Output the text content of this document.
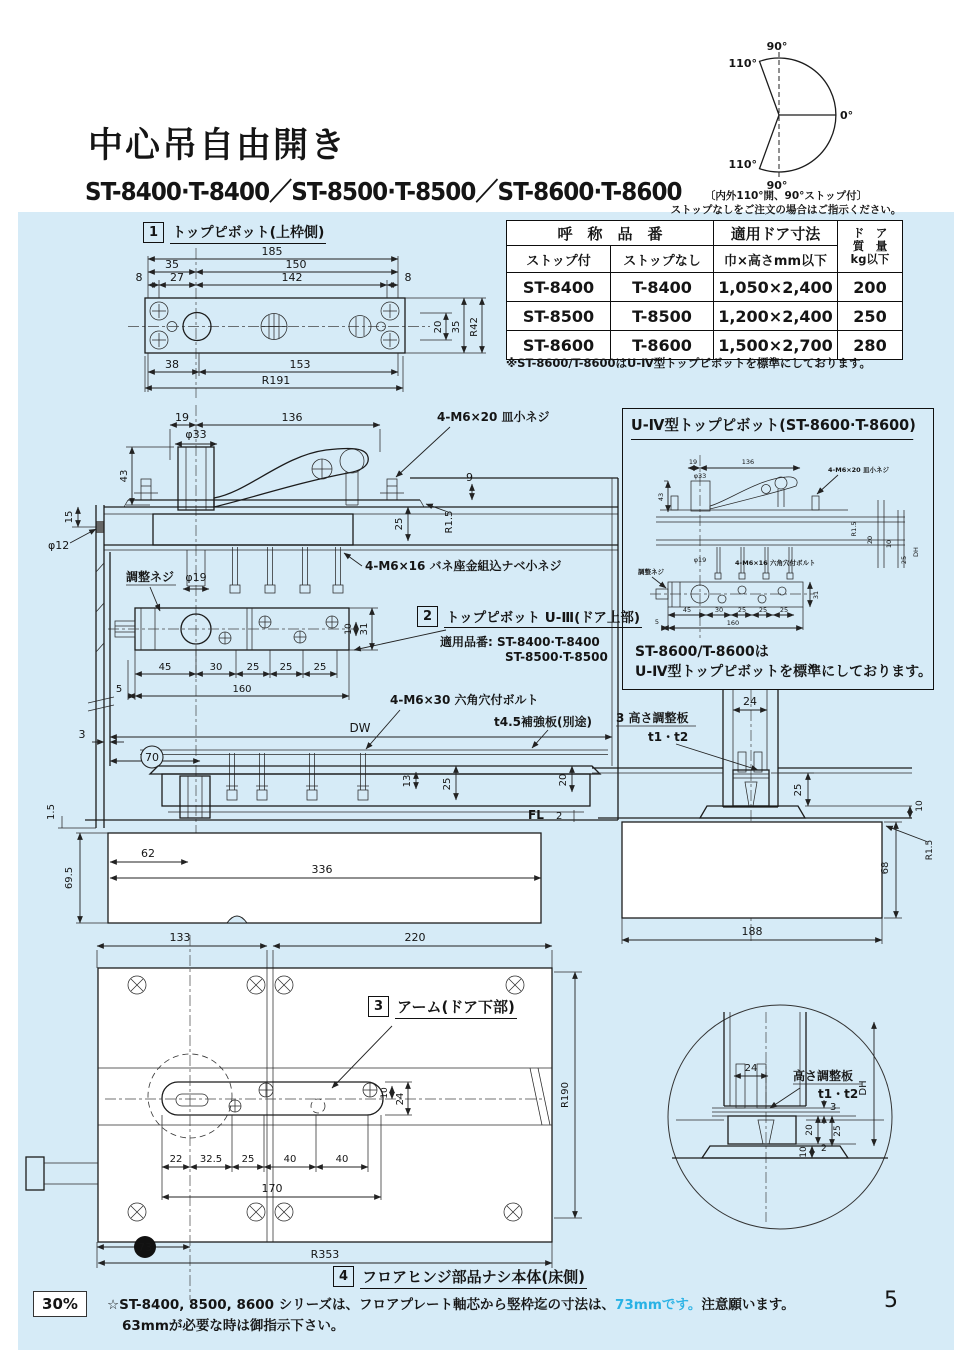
中心吊自由開き
ST-8400·T-8400／ST-8500·T-8500／ST-8600·T-8600
90°
110°
0°
110°
90°
〔内外110°開、90°ストップ付〕
ストップなしをご注文の場合はご指示ください。
呼　称　品　番		適用ドア寸法	ド　ア
質　量
kg以下

ストップ付	ストップなし	巾×高さmm以下	
ST-8400	T-8400	1,050×2,400	200
ST-8500	T-8500	1,200×2,400	250
ST-8600	T-8600	1,500×2,700	280
※ST-8600/T-8600はU-Ⅳ型トップピボットを標準にしております。
1 トップピボット(上枠側)
185
35	150
8	27	142	8
20 35 R42
38	153
R191
19	136
φ33
43
4-M6×20 皿小ネジ
9
25	R1.5
4-M6×16 バネ座金組込ナベ小ネジ
φ19
15
φ12
調整ネジ
10 31
45	30 25 25 25
160
5
3	DW	t4.5補強板(別途)
4-M6×30 六角穴付ボルト
70
13	25	20
FL 2
1.5
62
336
69.5
2	トップピボット U-Ⅲ(ドア上部)
適用品番: ST-8400·T-8400
ST-8500·T-8500
U-Ⅳ型トップピボット(ST-8600·T-8600)
ST-8600/T-8600は
U-Ⅳ型トップピボットを標準にしております。
19	136
φ33
43
4-M6×20 皿小ネジ
R1.5
20 10
DH
25
φ19	4-M6×16 六角穴付ボルト
調整ネジ
31
45	30 25 25 25
160
5
24
3 高さ調整板
t1・t2
25
10
R1.5
68
188
133	220
10 24
22 32.5 25	40	40
170
R190
73
R353
3 アーム(ドア下部)
24
高さ調整板
t1・t2
3
20
2
25
10
DH
4 フロアヒンジ部品ナシ本体(床側)
30%	☆ST-8400, 8500, 8600 シリーズは、フロアプレート軸芯から竪枠迄の寸法は、73mmです。注意願います。
63mmが必要な時は御指示下さい。
5
